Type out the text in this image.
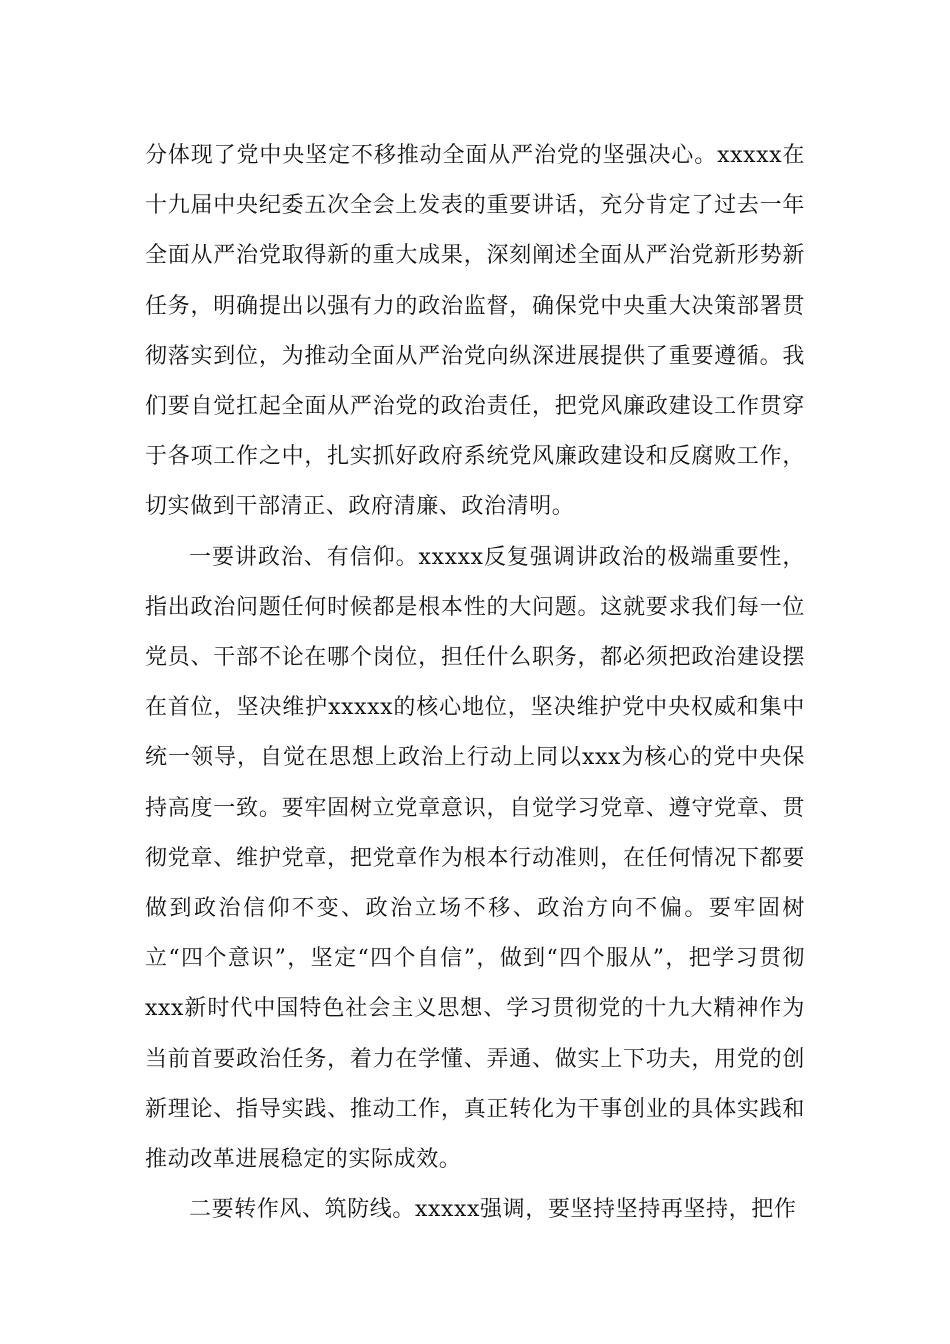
分体现了党中央坚定不移推动全面从严治党的坚强决心。xxxxx在十九届中央纪委五次全会上发表的重要讲话，充分肯定了过去一年全面从严治党取得新的重大成果，深刻阐述全面从严治党新形势新任务，明确提出以强有力的政治监督，确保党中央重大决策部署贯彻落实到位，为推动全面从严治党向纵深进展提供了重要遵循。我们要自觉扛起全面从严治党的政治责任，把党风廉政建设工作贯穿于各项工作之中，扎实抓好政府系统党风廉政建设和反腐败工作，切实做到干部清正、政府清廉、政治清明。

一要讲政治、有信仰。xxxxx反复强调讲政治的极端重要性，指出政治问题任何时候都是根本性的大问题。这就要求我们每一位党员、干部不论在哪个岗位，担任什么职务，都必须把政治建设摆在首位，坚决维护xxxxx的核心地位，坚决维护党中央权威和集中统一领导，自觉在思想上政治上行动上同以xxx为核心的党中央保持高度一致。要牢固树立党章意识，自觉学习党章、遵守党章、贯彻党章、维护党章，把党章作为根本行动准则，在任何情况下都要做到政治信仰不变、政治立场不移、政治方向不偏。要牢固树立“四个意识”，坚定“四个自信”，做到“四个服从”，把学习贯彻xxx新时代中国特色社会主义思想、学习贯彻党的十九大精神作为当前首要政治任务，着力在学懂、弄通、做实上下功夫，用党的创新理论、指导实践、推动工作，真正转化为干事创业的具体实践和推动改革进展稳定的实际成效。

二要转作风、筑防线。xxxxx强调，要坚持坚持再坚持，把作
